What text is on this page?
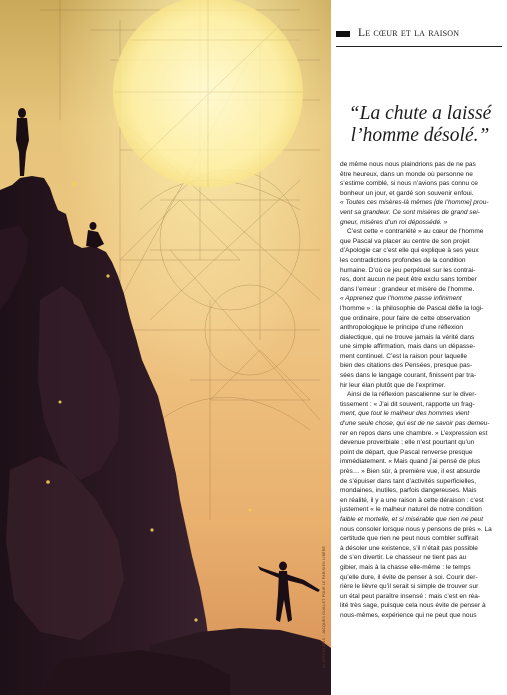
ILLUSTRATIONS : JACQUES GUILLET POUR LE PARISIEN LIBÉRÉ
Le cœur et la raison
“La chute a laissé
l’homme désolé.”
de même nous nous plaindrions pas de ne pas
être heureux, dans un monde où personne ne
s’estime comblé, si nous n’avions pas connu ce
bonheur un jour, et gardé son souvenir enfoui.
« Toutes ces misères-là mêmes [de l’homme] prou-
vent sa grandeur. Ce sont misères de grand sei-
gneur, misères d’un roi dépossédé. »
C’est cette « contrariété » au cœur de l’homme
que Pascal va placer au centre de son projet
d’Apologie car c’est elle qui explique à ses yeux
les contradictions profondes de la condition
humaine. D’où ce jeu perpétuel sur les contrai-
res, dont aucun ne peut être exclu sans tomber
dans l’erreur : grandeur et misère de l’homme.
« Apprenez que l’homme passe infiniment
l’homme » : la philosophie de Pascal défie la logi-
que ordinaire, pour faire de cette observation
anthropologique le principe d’une réflexion
dialectique, qui ne trouve jamais la vérité dans
une simple affirmation, mais dans un dépasse-
ment continuel. C’est la raison pour laquelle
bien des citations des Pensées, presque pas-
sées dans le langage courant, finissent par tra-
hir leur élan plutôt que de l’exprimer.
Ainsi de la réflexion pascalienne sur le diver-
tissement : « J’ai dit souvent, rapporte un frag-
ment, que tout le malheur des hommes vient
d’une seule chose, qui est de ne savoir pas demeu-
rer en repos dans une chambre. » L’expression est
devenue proverbiale ; elle n’est pourtant qu’un
point de départ, que Pascal renverse presque
immédiatement. « Mais quand j’ai pensé de plus
près… » Bien sûr, à première vue, il est absurde
de s’épuiser dans tant d’activités superficielles,
mondaines, inutiles, parfois dangereuses. Mais
en réalité, il y a une raison à cette déraison : c’est
justement « le malheur naturel de notre condition
faible et mortelle, et si misérable que rien ne peut
nous consoler lorsque nous y pensons de près ». La
certitude que rien ne peut nous combler suffirait
à désoler une existence, s’il n’était pas possible
de s’en divertir. Le chasseur ne tient pas au
gibier, mais à la chasse elle-même : le temps
qu’elle dure, il évite de penser à soi. Courir der-
rière le lièvre qu’il serait si simple de trouver sur
un étal peut paraître insensé : mais c’est en réa-
lité très sage, puisque cela nous évite de penser à
nous-mêmes, expérience qui ne peut que nous
